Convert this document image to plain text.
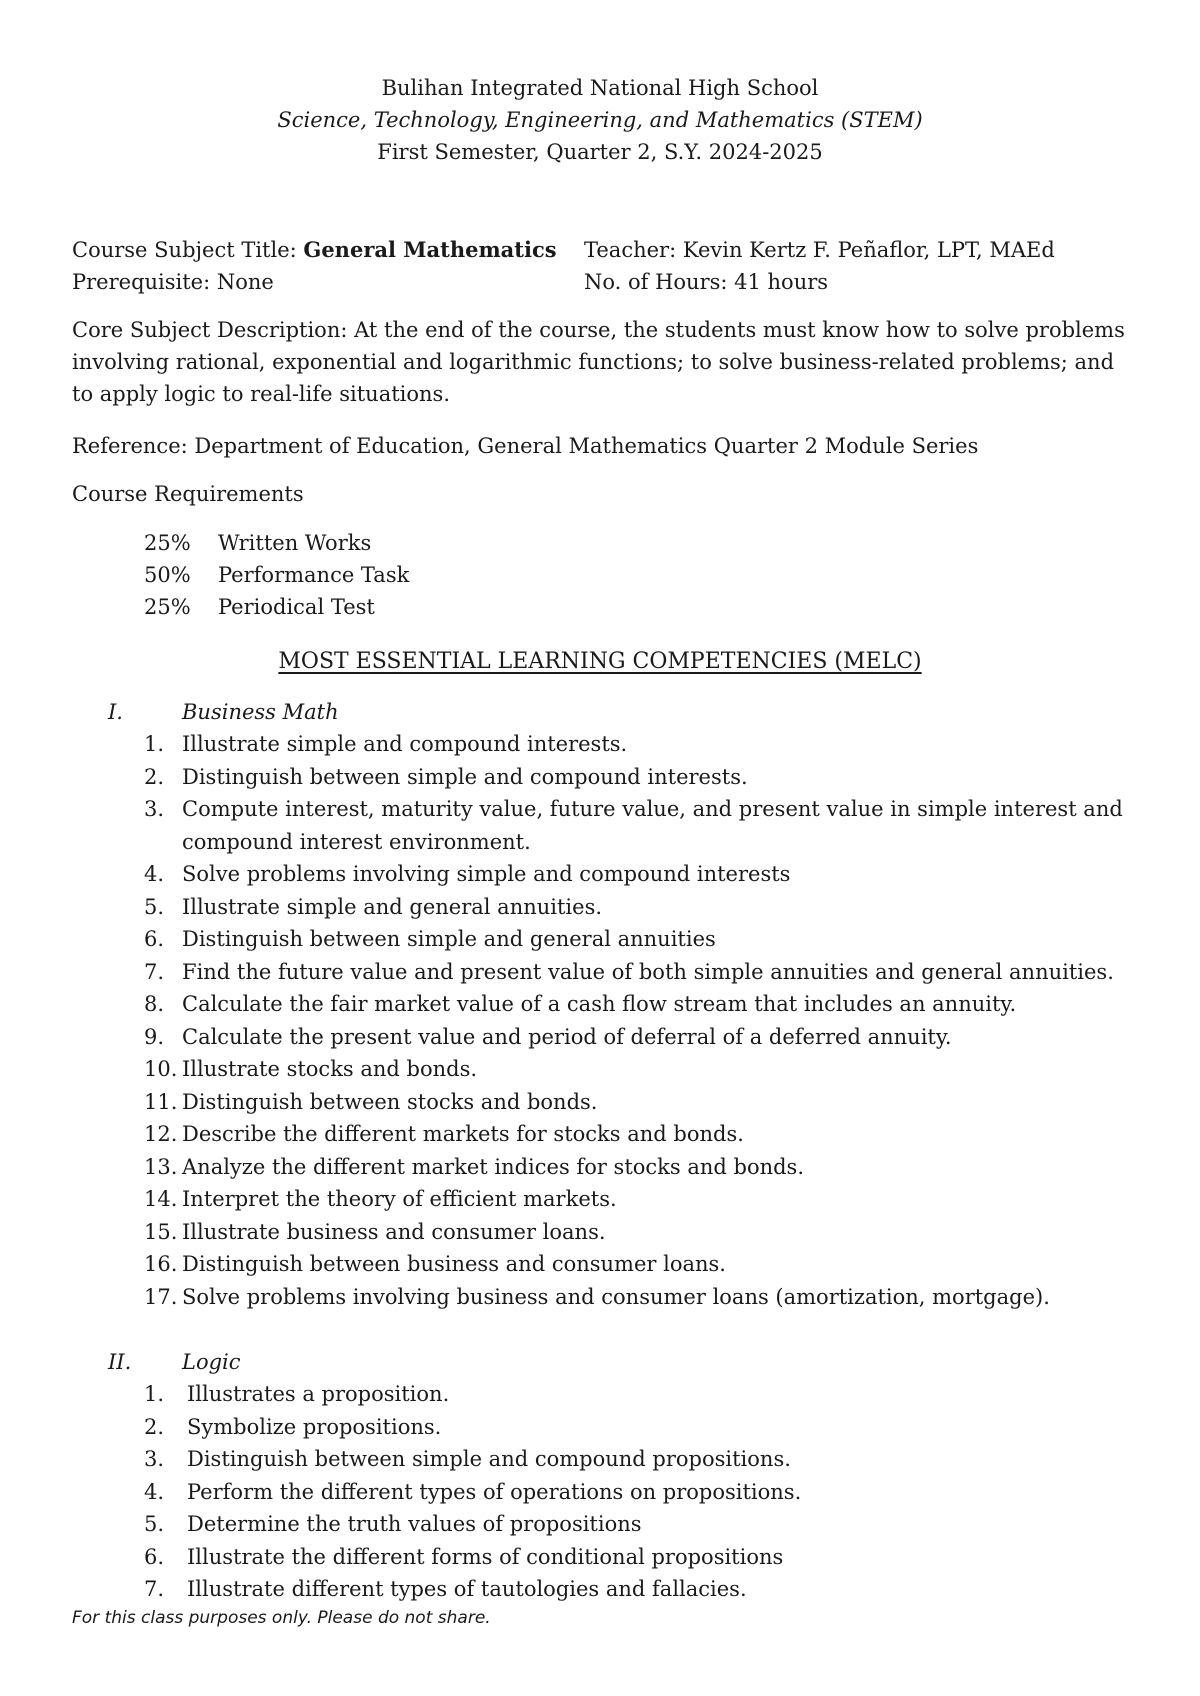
Bulihan Integrated National High School
Science, Technology, Engineering, and Mathematics (STEM)
First Semester, Quarter 2, S.Y. 2024-2025
Course Subject Title: General Mathematics	Teacher: Kevin Kertz F. Peñaflor, LPT, MAEd
Prerequisite: None	No. of Hours: 41 hours
Core Subject Description: At the end of the course, the students must know how to solve problems involving rational, exponential and logarithmic functions; to solve business-related problems; and to apply logic to real-life situations.
Reference: Department of Education, General Mathematics Quarter 2 Module Series
Course Requirements
25%	Written Works
50%	Performance Task
25%	Periodical Test
MOST ESSENTIAL LEARNING COMPETENCIES (MELC)
I.	Business Math
1. Illustrate simple and compound interests.
2. Distinguish between simple and compound interests.
3. Compute interest, maturity value, future value, and present value in simple interest and compound interest environment.
4. Solve problems involving simple and compound interests
5. Illustrate simple and general annuities.
6. Distinguish between simple and general annuities
7. Find the future value and present value of both simple annuities and general annuities.
8. Calculate the fair market value of a cash flow stream that includes an annuity.
9. Calculate the present value and period of deferral of a deferred annuity.
10. Illustrate stocks and bonds.
11. Distinguish between stocks and bonds.
12. Describe the different markets for stocks and bonds.
13. Analyze the different market indices for stocks and bonds.
14. Interpret the theory of efficient markets.
15. Illustrate business and consumer loans.
16. Distinguish between business and consumer loans.
17. Solve problems involving business and consumer loans (amortization, mortgage).
II.	Logic
1.	Illustrates a proposition.
2.	Symbolize propositions.
3.	Distinguish between simple and compound propositions.
4.	Perform the different types of operations on propositions.
5.	Determine the truth values of propositions
6.	Illustrate the different forms of conditional propositions
7.	Illustrate different types of tautologies and fallacies.
For this class purposes only. Please do not share.
